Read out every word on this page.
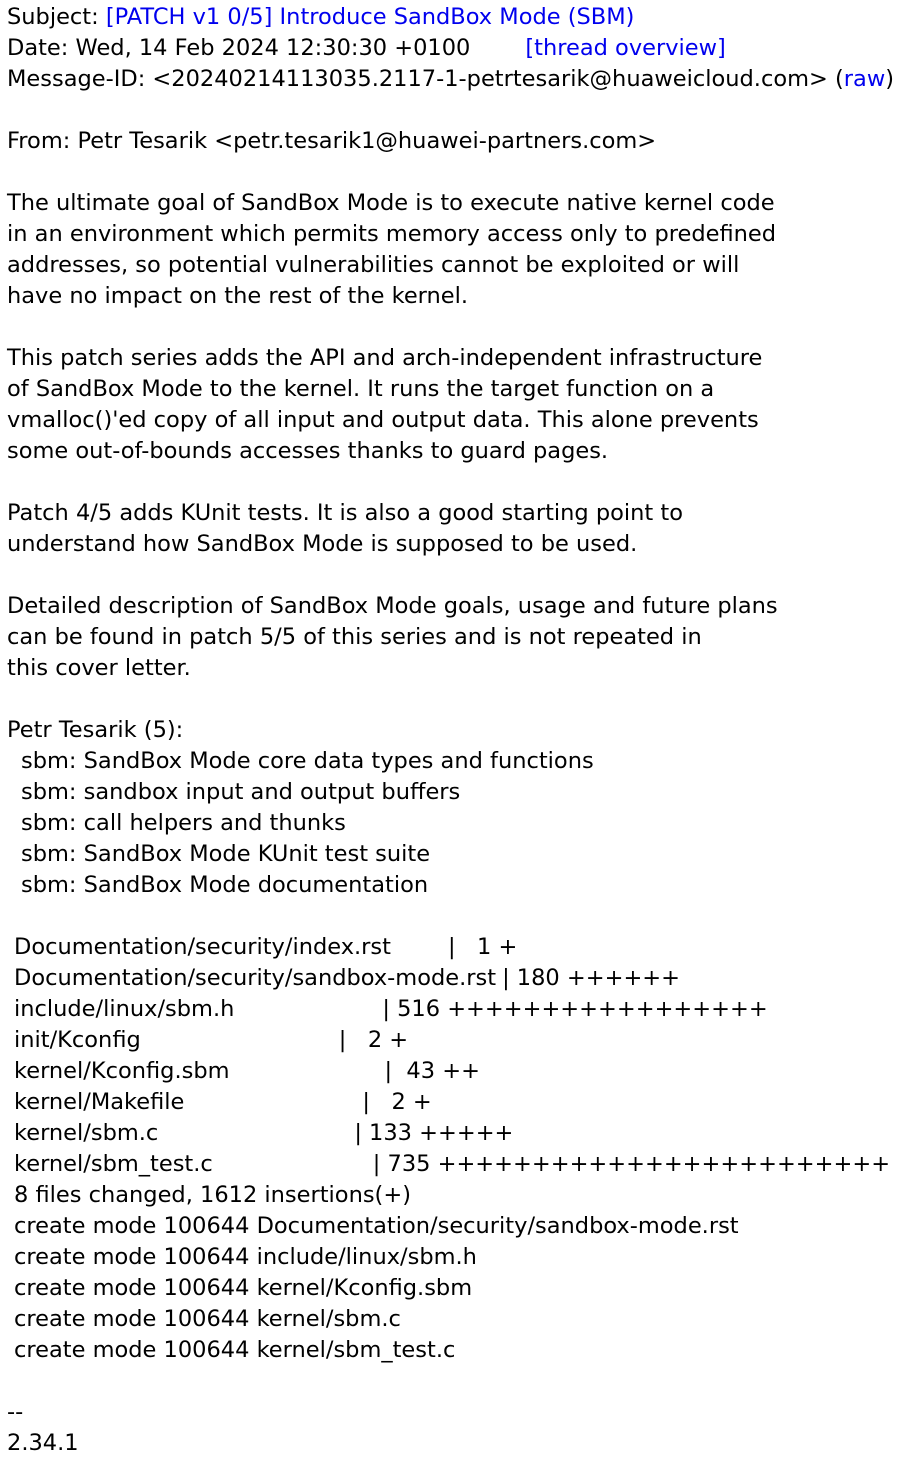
Subject: [PATCH v1 0/5] Introduce SandBox Mode (SBM)
Date: Wed, 14 Feb 2024 12:30:30 +0100 [thread overview]
Message-ID: <20240214113035.2117-1-petrtesarik@huaweicloud.com> (raw)
From: Petr Tesarik <petr.tesarik1@huawei-partners.com>
The ultimate goal of SandBox Mode is to execute native kernel code
in an environment which permits memory access only to predefined
addresses, so potential vulnerabilities cannot be exploited or will
have no impact on the rest of the kernel.
This patch series adds the API and arch-independent infrastructure
of SandBox Mode to the kernel. It runs the target function on a
vmalloc()'ed copy of all input and output data. This alone prevents
some out-of-bounds accesses thanks to guard pages.
Patch 4/5 adds KUnit tests. It is also a good starting point to
understand how SandBox Mode is supposed to be used.
Detailed description of SandBox Mode goals, usage and future plans
can be found in patch 5/5 of this series and is not repeated in
this cover letter.
Petr Tesarik (5):
sbm: SandBox Mode core data types and functions
sbm: sandbox input and output buffers
sbm: call helpers and thunks
sbm: SandBox Mode KUnit test suite
sbm: SandBox Mode documentation
Documentation/security/index.rst	|   1 +
Documentation/security/sandbox-mode.rst | 180 ++++++
include/linux/sbm.h	| 516 +++++++++++++++++
init/Kconfig	|   2 +
kernel/Kconfig.sbm	|  43 ++
kernel/Makefile	|   2 +
kernel/sbm.c	| 133 +++++
kernel/sbm_test.c	| 735 ++++++++++++++++++++++++
8 files changed, 1612 insertions(+)
create mode 100644 Documentation/security/sandbox-mode.rst
create mode 100644 include/linux/sbm.h
create mode 100644 kernel/Kconfig.sbm
create mode 100644 kernel/sbm.c
create mode 100644 kernel/sbm_test.c
--
2.34.1
